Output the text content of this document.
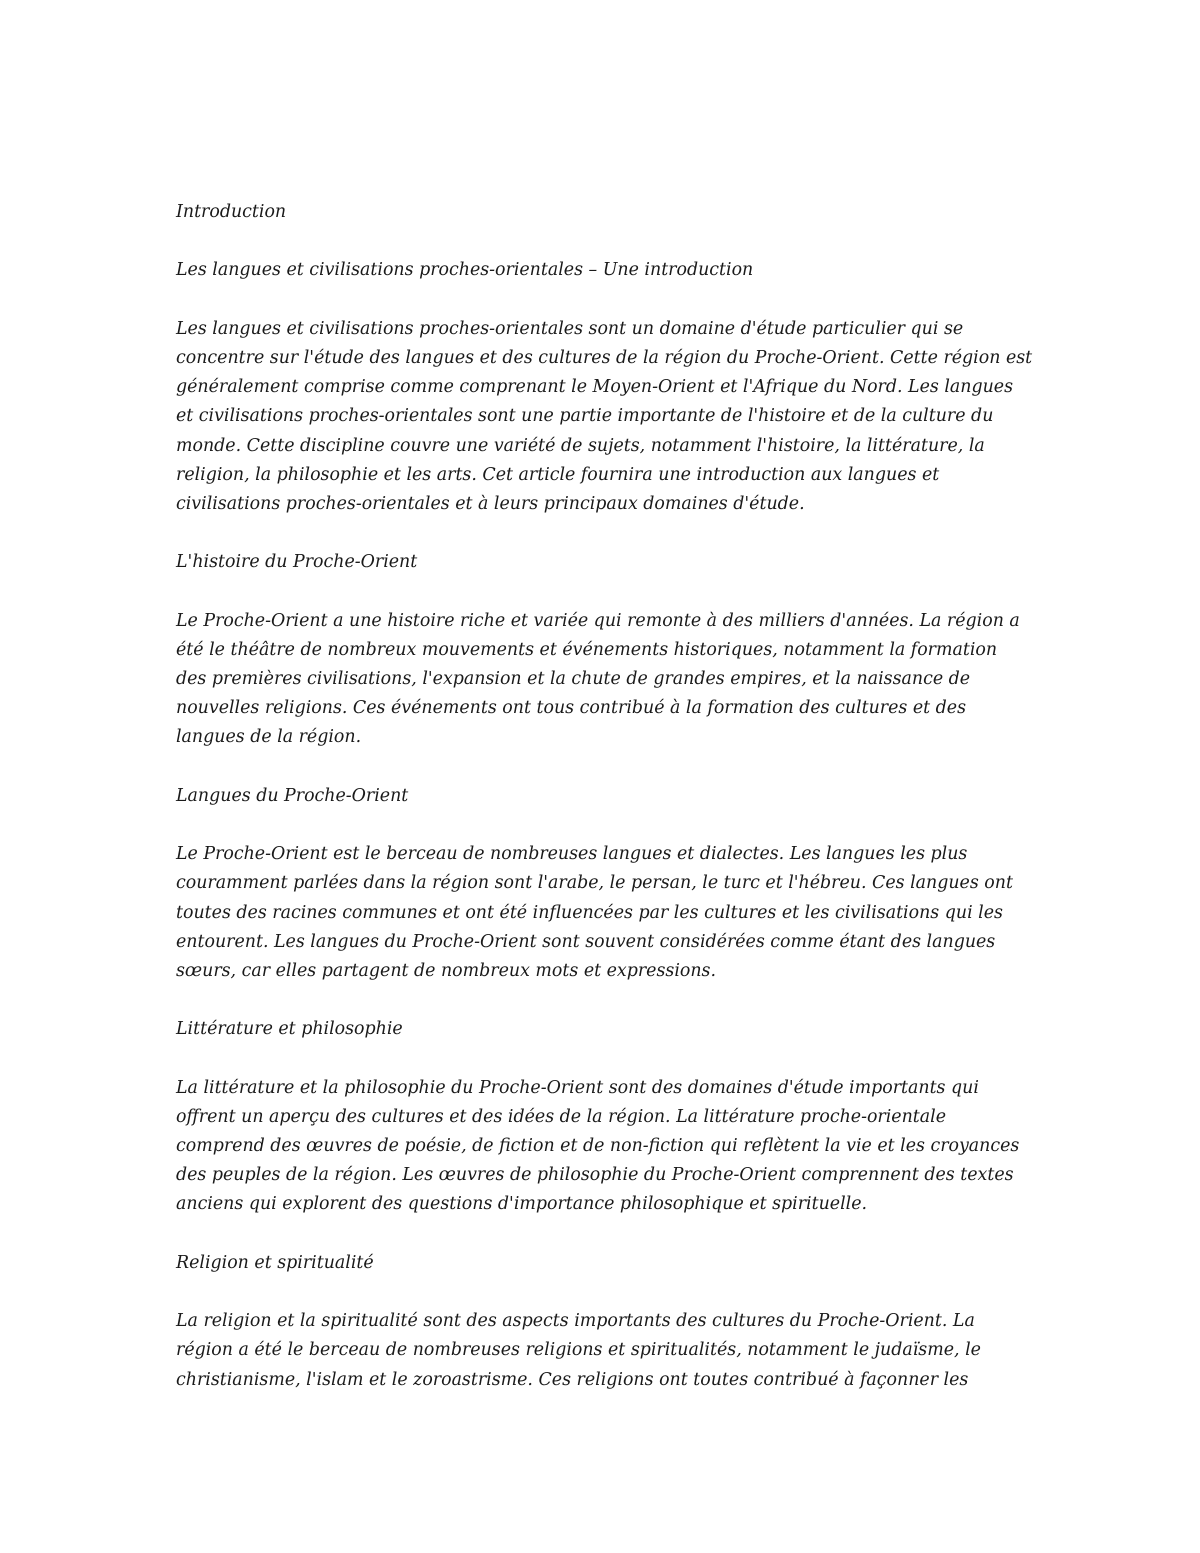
Introduction
Les langues et civilisations proches-orientales – Une introduction
Les langues et civilisations proches-orientales sont un domaine d'étude particulier qui se
concentre sur l'étude des langues et des cultures de la région du Proche-Orient. Cette région est
généralement comprise comme comprenant le Moyen-Orient et l'Afrique du Nord. Les langues
et civilisations proches-orientales sont une partie importante de l'histoire et de la culture du
monde. Cette discipline couvre une variété de sujets, notamment l'histoire, la littérature, la
religion, la philosophie et les arts. Cet article fournira une introduction aux langues et
civilisations proches-orientales et à leurs principaux domaines d'étude.
L'histoire du Proche-Orient
Le Proche-Orient a une histoire riche et variée qui remonte à des milliers d'années. La région a
été le théâtre de nombreux mouvements et événements historiques, notamment la formation
des premières civilisations, l'expansion et la chute de grandes empires, et la naissance de
nouvelles religions. Ces événements ont tous contribué à la formation des cultures et des
langues de la région.
Langues du Proche-Orient
Le Proche-Orient est le berceau de nombreuses langues et dialectes. Les langues les plus
couramment parlées dans la région sont l'arabe, le persan, le turc et l'hébreu. Ces langues ont
toutes des racines communes et ont été influencées par les cultures et les civilisations qui les
entourent. Les langues du Proche-Orient sont souvent considérées comme étant des langues
sœurs, car elles partagent de nombreux mots et expressions.
Littérature et philosophie
La littérature et la philosophie du Proche-Orient sont des domaines d'étude importants qui
offrent un aperçu des cultures et des idées de la région. La littérature proche-orientale
comprend des œuvres de poésie, de fiction et de non-fiction qui reflètent la vie et les croyances
des peuples de la région. Les œuvres de philosophie du Proche-Orient comprennent des textes
anciens qui explorent des questions d'importance philosophique et spirituelle.
Religion et spiritualité
La religion et la spiritualité sont des aspects importants des cultures du Proche-Orient. La
région a été le berceau de nombreuses religions et spiritualités, notamment le judaïsme, le
christianisme, l'islam et le zoroastrisme. Ces religions ont toutes contribué à façonner les
